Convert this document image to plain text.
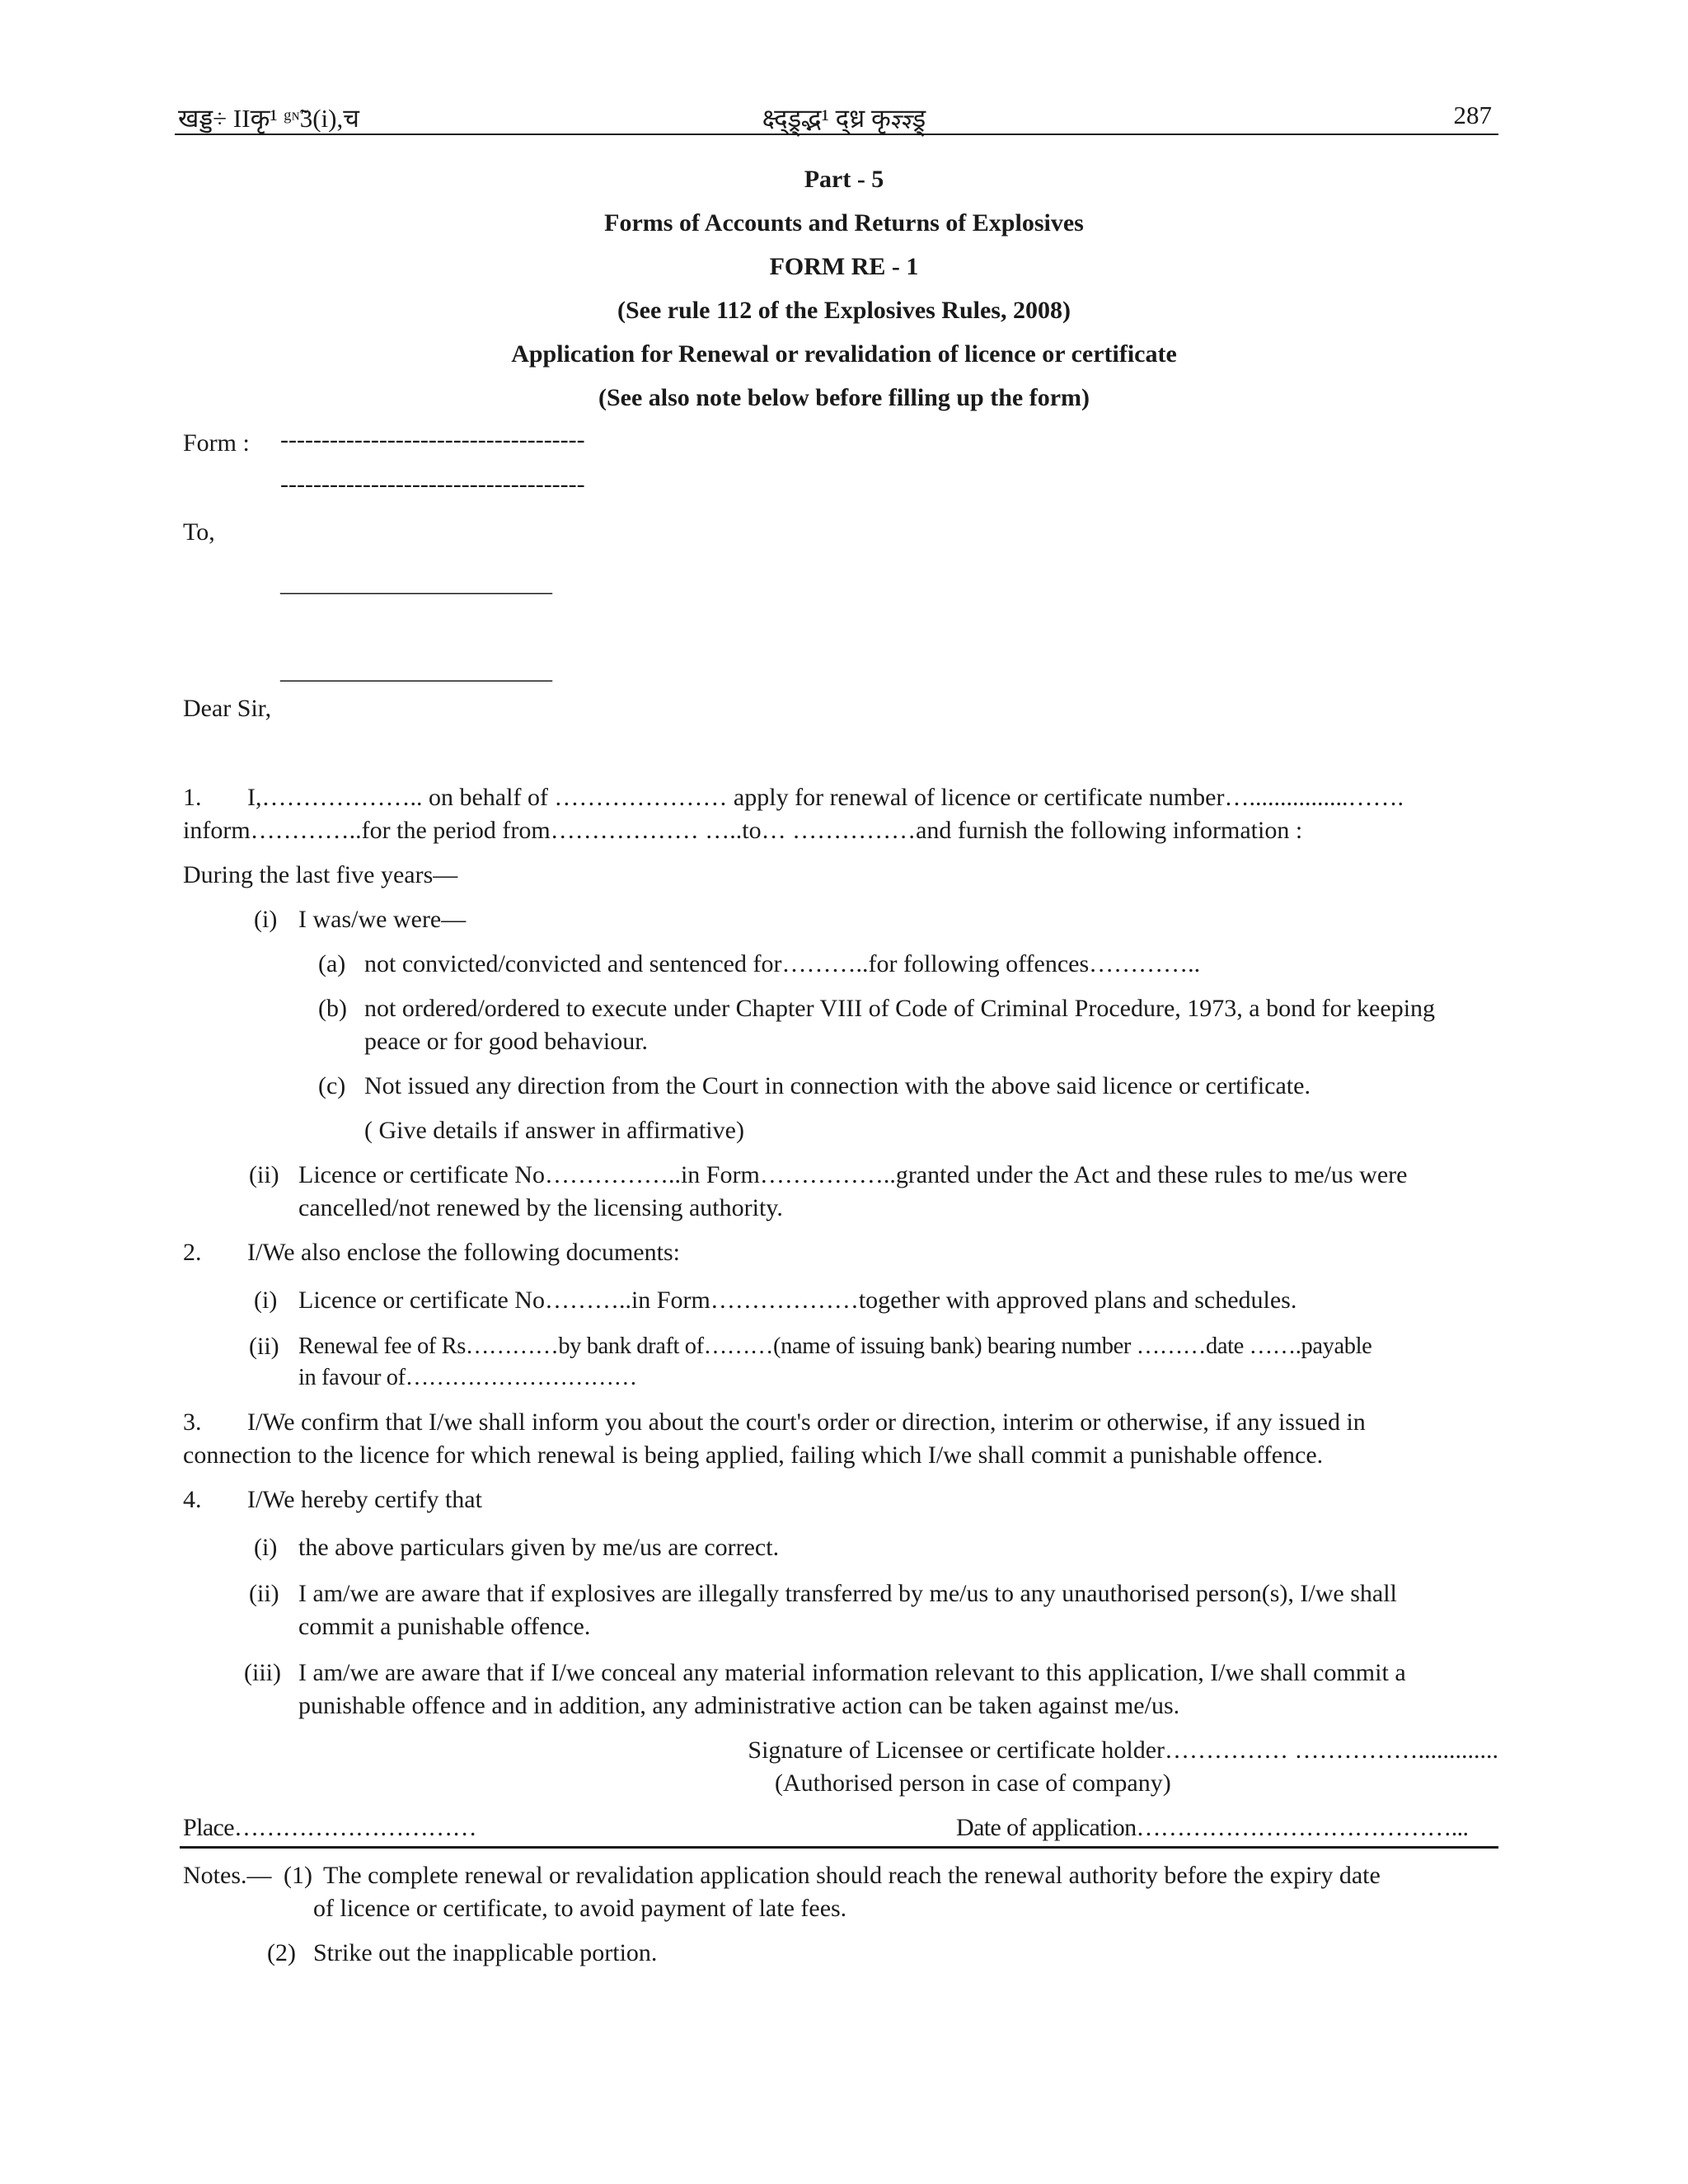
खड्ड÷ IIकृ¹ ᵍᶰ̃3(i),च	क्ष्द्ड्र्द्भ¹ द्ध्र कृज्ञ्ज्ञ्ड्र्	287
Part - 5
Forms of Accounts and Returns of Explosives
FORM RE - 1
(See rule 112 of the Explosives Rules, 2008)
Application for Renewal or revalidation of licence or certificate
(See also note below before filling up the form)
Form : -------------------------------------
-------------------------------------
To,
______________________
______________________
Dear Sir,
1. I,……………….. on behalf of ………………… apply for renewal of licence or certificate number…................…….
inform…………..for the period from……………… …..to… ……………and furnish the following information :
During the last five years—
(i) I was/we were—
(a) not convicted/convicted and sentenced for………..for following offences…………..
(b) not ordered/ordered to execute under Chapter VIII of Code of Criminal Procedure, 1973, a bond for keeping
peace or for good behaviour.
(c) Not issued any direction from the Court in connection with the above said licence or certificate.
( Give details if answer in affirmative)
(ii) Licence or certificate No……………..in Form……………..granted under the Act and these rules to me/us were
cancelled/not renewed by the licensing authority.
2. I/We also enclose the following documents:
(i) Licence or certificate No………..in Form………………together with approved plans and schedules.
(ii) Renewal fee of Rs…………by bank draft of………(name of issuing bank) bearing number ………date …….payable
in favour of…………………………
3. I/We confirm that I/we shall inform you about the court's order or direction, interim or otherwise, if any issued in
connection to the licence for which renewal is being applied, failing which I/we shall commit a punishable offence.
4. I/We hereby certify that
(i) the above particulars given by me/us are correct.
(ii) I am/we are aware that if explosives are illegally transferred by me/us to any unauthorised person(s), I/we shall
commit a punishable offence.
(iii) I am/we are aware that if I/we conceal any material information relevant to this application, I/we shall commit a
punishable offence and in addition, any administrative action can be taken against me/us.
Signature of Licensee or certificate holder…………… …………….............
(Authorised person in case of company)
Place…………………………	Date of application…………………………………...
Notes.— (1) The complete renewal or revalidation application should reach the renewal authority before the expiry date
of licence or certificate, to avoid payment of late fees.
(2) Strike out the inapplicable portion.
